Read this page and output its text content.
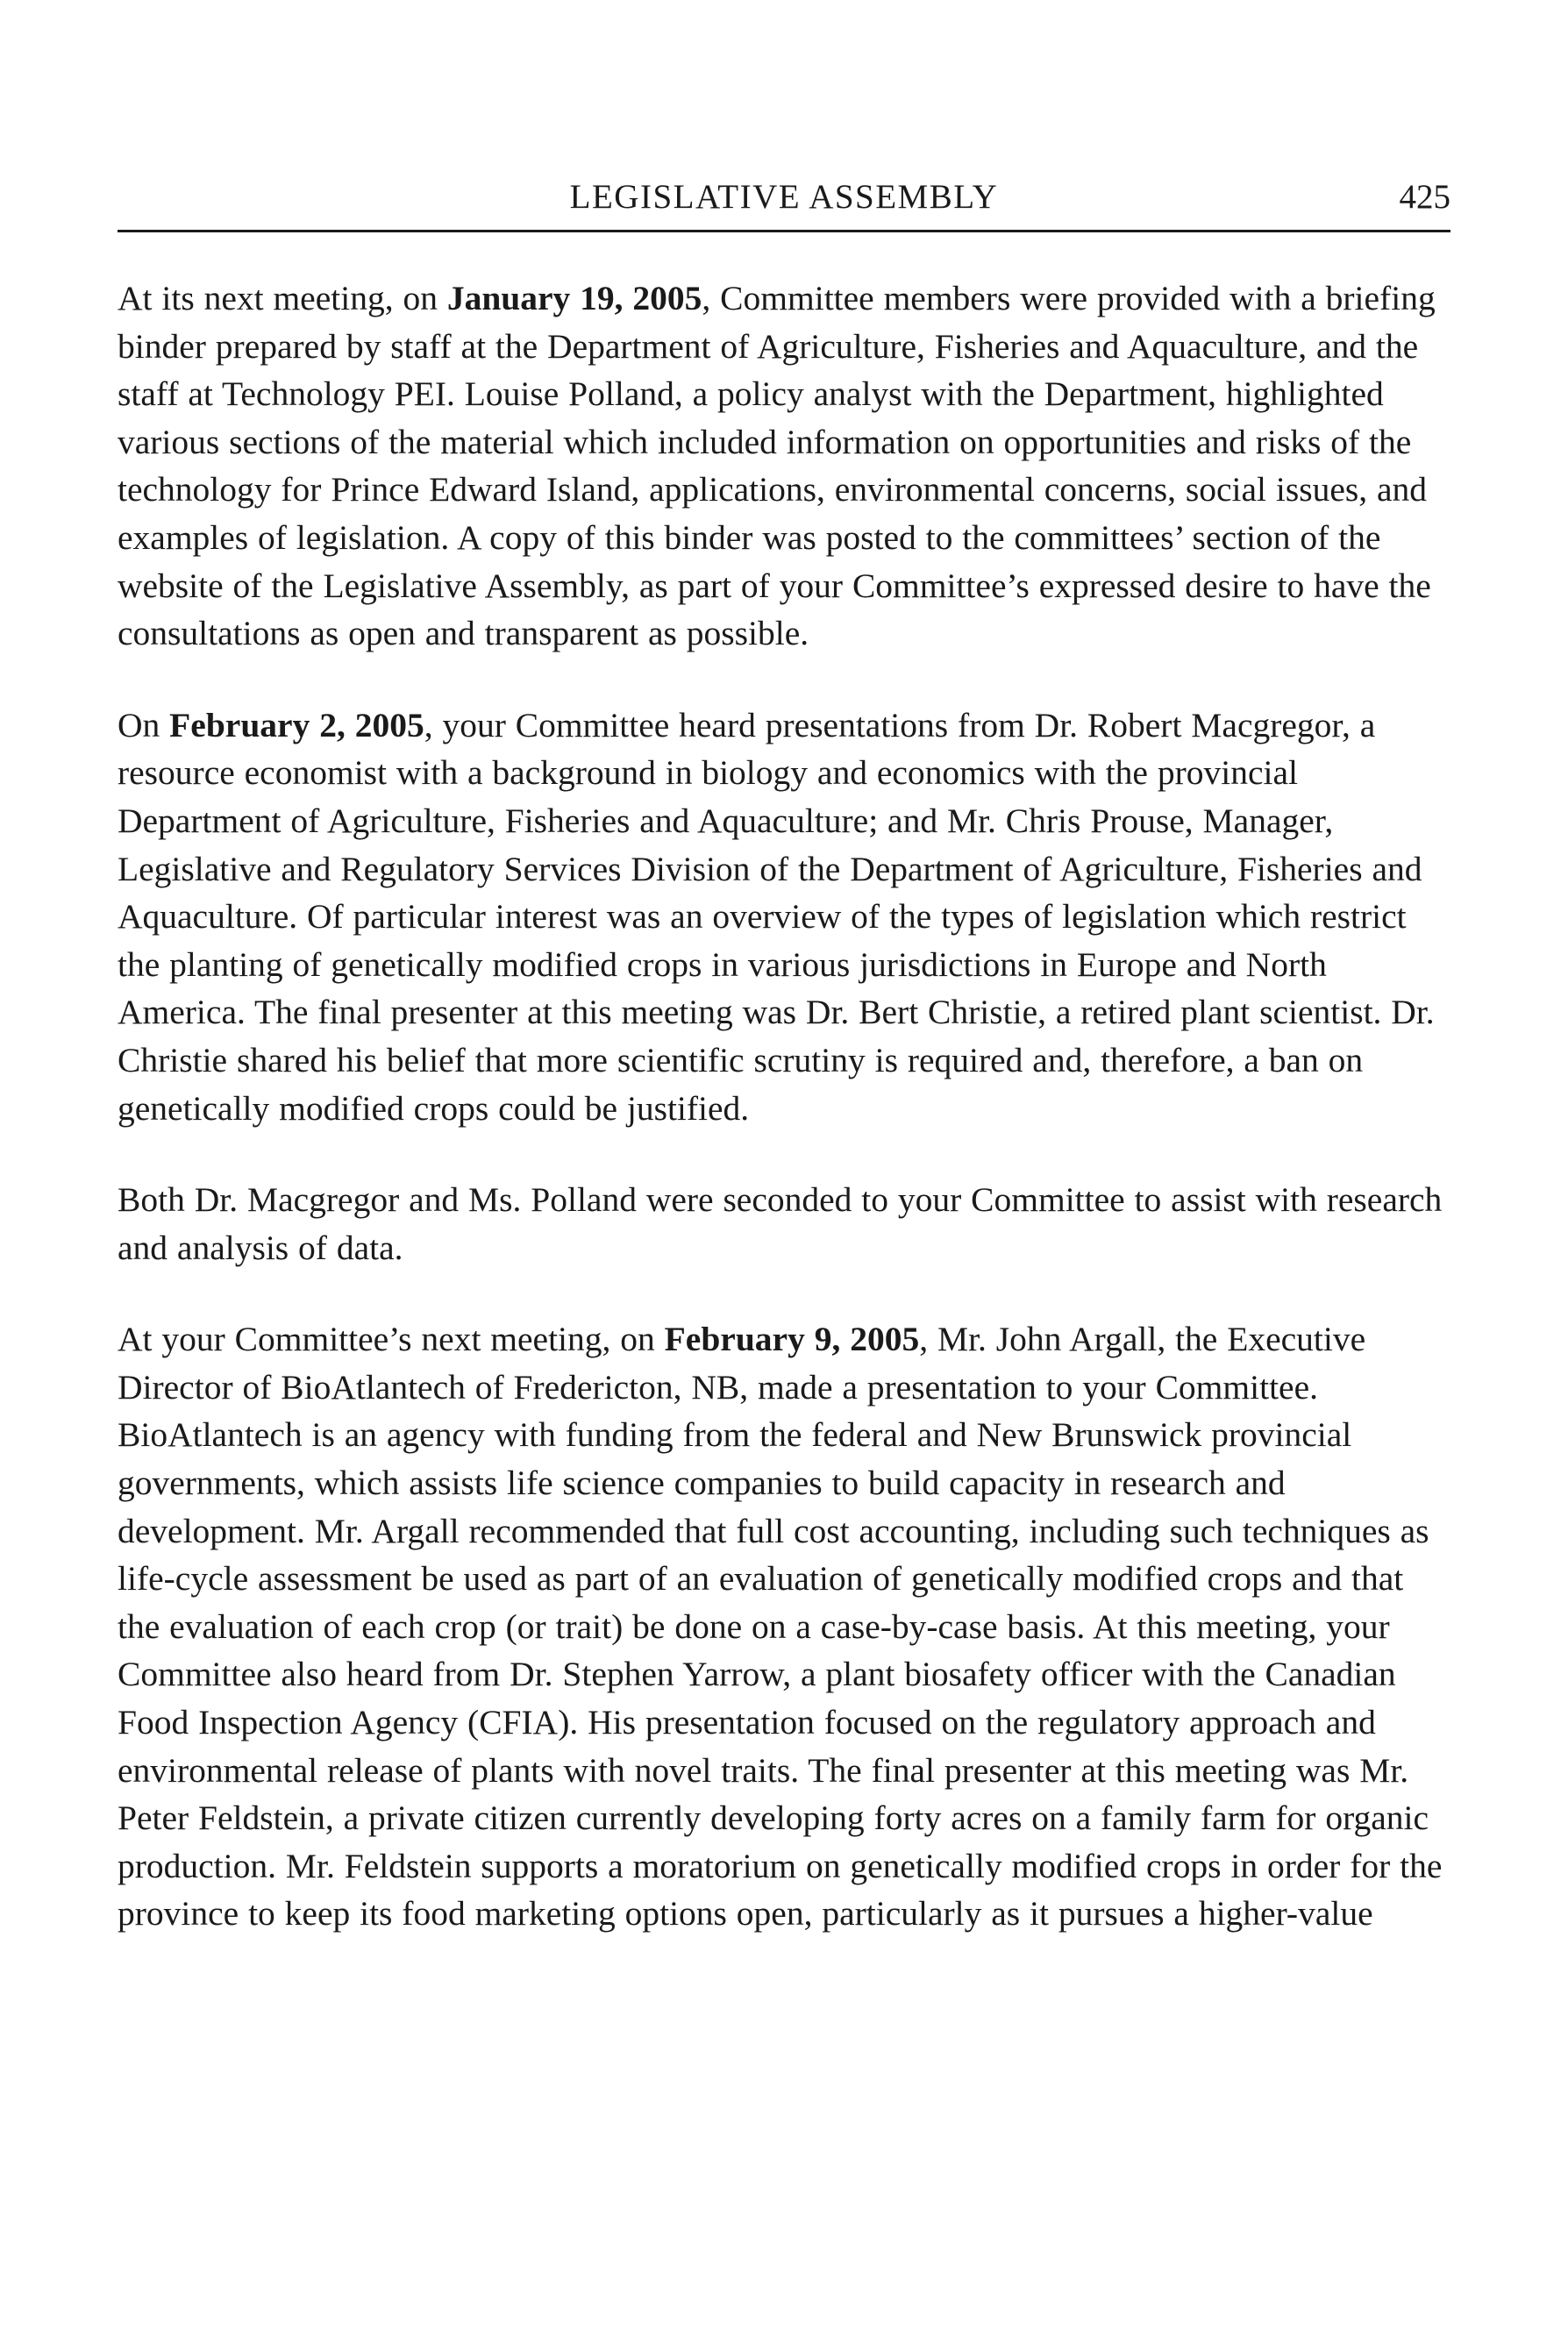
LEGISLATIVE ASSEMBLY	425

At its next meeting, on January 19, 2005, Committee members were provided with a briefing binder prepared by staff at the Department of Agriculture, Fisheries and Aquaculture, and the staff at Technology PEI. Louise Polland, a policy analyst with the Department, highlighted various sections of the material which included information on opportunities and risks of the technology for Prince Edward Island, applications, environmental concerns, social issues, and examples of legislation. A copy of this binder was posted to the committees’ section of the website of the Legislative Assembly, as part of your Committee’s expressed desire to have the consultations as open and transparent as possible.

On February 2, 2005, your Committee heard presentations from Dr. Robert Macgregor, a resource economist with a background in biology and economics with the provincial Department of Agriculture, Fisheries and Aquaculture; and Mr. Chris Prouse, Manager, Legislative and Regulatory Services Division of the Department of Agriculture, Fisheries and Aquaculture. Of particular interest was an overview of the types of legislation which restrict the planting of genetically modified crops in various jurisdictions in Europe and North America. The final presenter at this meeting was Dr. Bert Christie, a retired plant scientist. Dr. Christie shared his belief that more scientific scrutiny is required and, therefore, a ban on genetically modified crops could be justified.

Both Dr. Macgregor and Ms. Polland were seconded to your Committee to assist with research and analysis of data.

At your Committee’s next meeting, on February 9, 2005, Mr. John Argall, the Executive Director of BioAtlantech of Fredericton, NB, made a presentation to your Committee. BioAtlantech is an agency with funding from the federal and New Brunswick provincial governments, which assists life science companies to build capacity in research and development. Mr. Argall recommended that full cost accounting, including such techniques as life-cycle assessment be used as part of an evaluation of genetically modified crops and that the evaluation of each crop (or trait) be done on a case-by-case basis. At this meeting, your Committee also heard from Dr. Stephen Yarrow, a plant biosafety officer with the Canadian Food Inspection Agency (CFIA). His presentation focused on the regulatory approach and environmental release of plants with novel traits. The final presenter at this meeting was Mr. Peter Feldstein, a private citizen currently developing forty acres on a family farm for organic production. Mr. Feldstein supports a moratorium on genetically modified crops in order for the province to keep its food marketing options open, particularly as it pursues a higher-value
